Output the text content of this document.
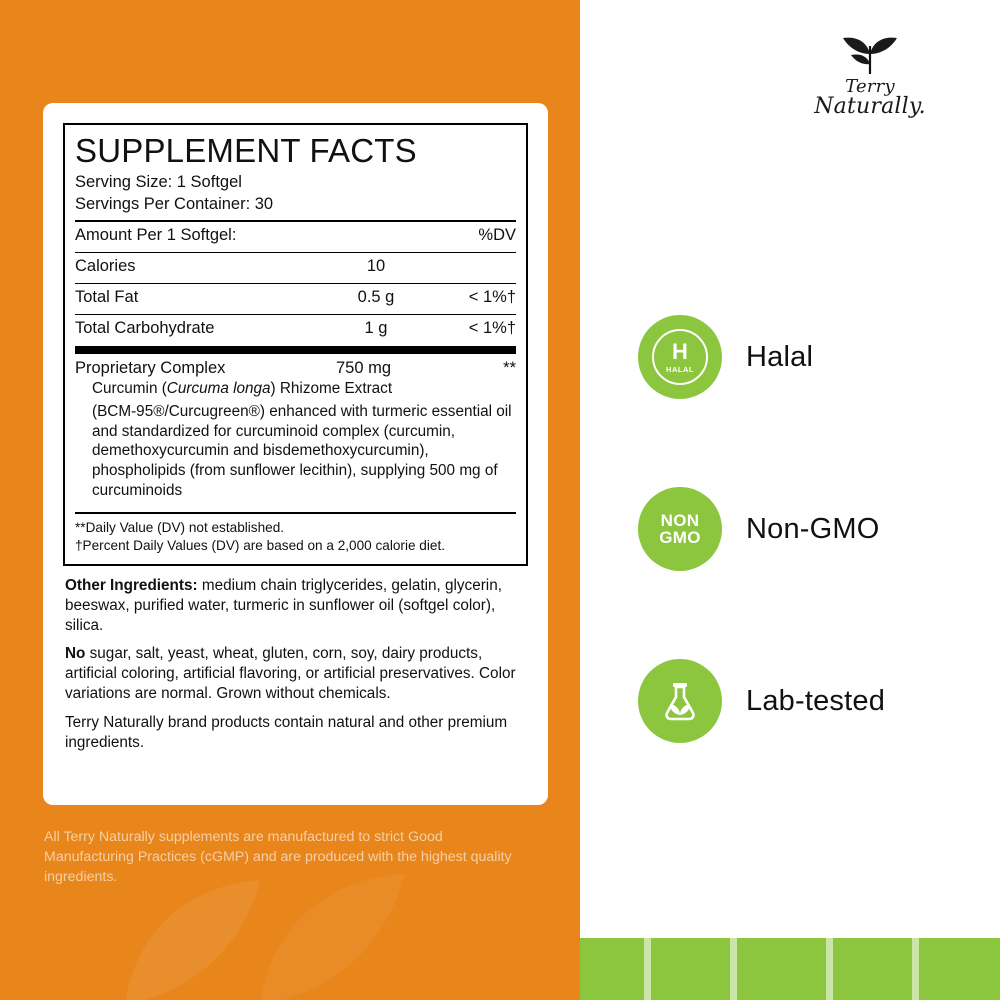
Terry
Naturally.
SUPPLEMENT FACTS
Serving Size: 1 Softgel
Servings Per Container: 30
Amount Per 1 Softgel:	%DV
Calories	10
Total Fat	0.5 g	< 1%†
Total Carbohydrate	1 g	< 1%†
Proprietary Complex	750 mg	**
Curcumin (Curcuma longa) Rhizome Extract
(BCM-95®/Curcugreen®) enhanced with turmeric essential oil and standardized for curcuminoid complex (curcumin, demethoxycurcumin and bisdemethoxycurcumin), phospholipids (from sunflower lecithin), supplying 500 mg of curcuminoids
**Daily Value (DV) not established.
†Percent Daily Values (DV) are based on a 2,000 calorie diet.

Other Ingredients: medium chain triglycerides, gelatin, glycerin, beeswax, purified water, turmeric in sunflower oil (softgel color), silica.

No sugar, salt, yeast, wheat, gluten, corn, soy, dairy products, artificial coloring, artificial flavoring, or artificial preservatives. Color variations are normal. Grown without chemicals.

Terry Naturally brand products contain natural and other premium ingredients.

All Terry Naturally supplements are manufactured to strict Good Manufacturing Practices (cGMP) and are produced with the highest quality ingredients.
H
HALAL Halal
NON
GMO Non-GMO
Lab-tested
